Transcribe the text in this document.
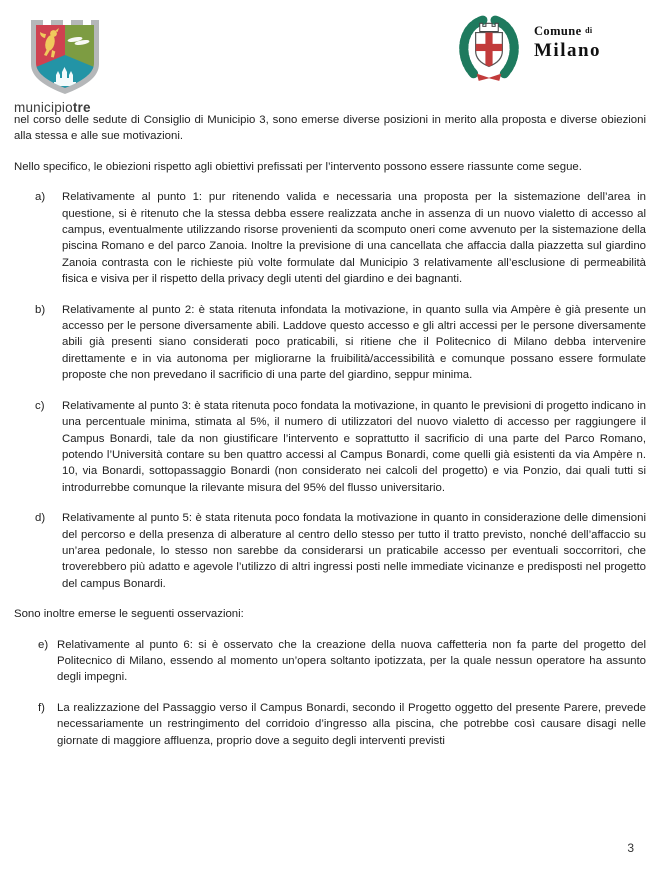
municipiotre
Comune di
Milano

nel corso delle sedute di Consiglio di Municipio 3, sono emerse diverse posizioni in merito alla proposta e diverse obiezioni alla stessa e alle sue motivazioni.

Nello specifico, le obiezioni rispetto agli obiettivi prefissati per l’intervento possono essere riassunte come segue.

a)	Relativamente al punto 1: pur ritenendo valida e necessaria una proposta per la sistemazione dell’area in questione, si è ritenuto che la stessa debba essere realizzata anche in assenza di un nuovo vialetto di accesso al campus, eventualmente utilizzando risorse provenienti da scomputo oneri come avvenuto per la sistemazione della piscina Romano e del parco Zanoia. Inoltre la previsione di una cancellata che affaccia dalla piazzetta sul giardino Zanoia contrasta con le richieste più volte formulate dal Municipio 3 relativamente all’esclusione di permeabilità fisica e visiva per il rispetto della privacy degli utenti del giardino e dei bagnanti.
b)	Relativamente al punto 2: è stata ritenuta infondata la motivazione, in quanto sulla via Ampère è già presente un accesso per le persone diversamente abili. Laddove questo accesso e gli altri accessi per le persone diversamente abili già presenti siano considerati poco praticabili, si ritiene che il Politecnico di Milano debba intervenire direttamente e in via autonoma per migliorarne la fruibilità/accessibilità e comunque possano essere formulate proposte che non prevedano il sacrificio di una parte del giardino, seppur minima.
c)	Relativamente al punto 3: è stata ritenuta poco fondata la motivazione, in quanto le previsioni di progetto indicano in una percentuale minima, stimata al 5%, il numero di utilizzatori del nuovo vialetto di accesso per raggiungere il Campus Bonardi, tale da non giustificare l’intervento e soprattutto il sacrificio di una parte del Parco Romano, potendo l’Università contare su ben quattro accessi al Campus Bonardi, come quelli già esistenti da via Ampère n. 10, via Bonardi, sottopassaggio Bonardi (non considerato nei calcoli del progetto) e via Ponzio, dai quali tutti si introdurrebbe comunque la rilevante misura del 95% del flusso universitario.
d)	Relativamente al punto 5: è stata ritenuta poco fondata la motivazione in quanto in considerazione delle dimensioni del percorso e della presenza di alberature al centro dello stesso per tutto il tratto previsto, nonché dell’affaccio su un’area pedonale, lo stesso non sarebbe da considerarsi un praticabile accesso per eventuali soccorritori, che troverebbero più adatto e agevole l’utilizzo di altri ingressi posti nelle immediate vicinanze e predisposti nel progetto del campus Bonardi.

Sono inoltre emerse le seguenti osservazioni:

e) Relativamente al punto 6: si è osservato che la creazione della nuova caffetteria non fa parte del progetto del Politecnico di Milano, essendo al momento un’opera soltanto ipotizzata, per la quale nessun operatore ha assunto degli impegni.
f)	La realizzazione del Passaggio verso il Campus Bonardi, secondo il Progetto oggetto del presente Parere, prevede necessariamente un restringimento del corridoio d’ingresso alla piscina, che potrebbe così causare disagi nelle giornate di maggiore affluenza, proprio dove a seguito degli interventi previsti
3
